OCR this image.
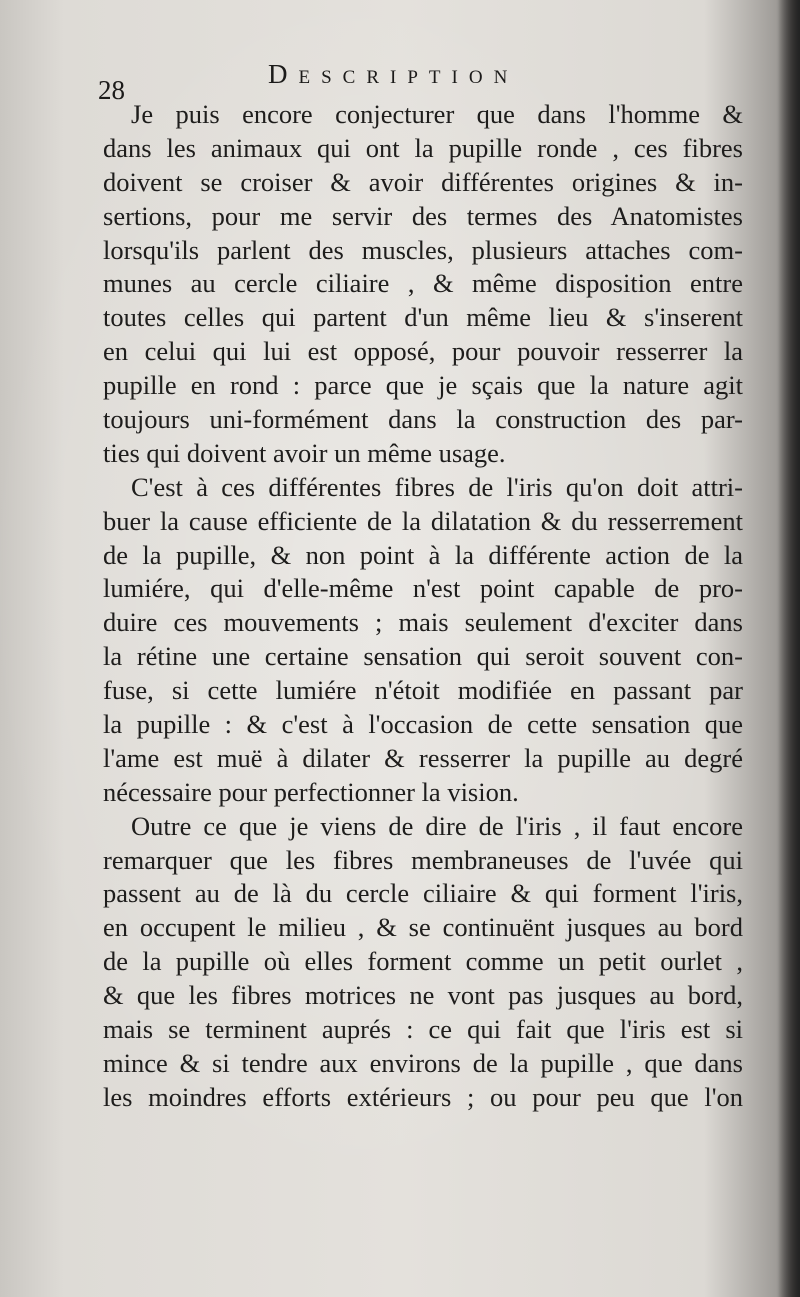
28
Description

Je puis encore conjecturer que dans l'homme &
dans les animaux qui ont la pupille ronde , ces fibres
doivent se croiser & avoir différentes origines & in-
sertions, pour me servir des termes des Anatomistes
lorsqu'ils parlent des muscles, plusieurs attaches com-
munes au cercle ciliaire , & même disposition entre
toutes celles qui partent d'un même lieu & s'inserent
en celui qui lui est opposé, pour pouvoir resserrer la
pupille en rond : parce que je sçais que la nature agit
toujours uni-formément dans la construction des par-
ties qui doivent avoir un même usage.

C'est à ces différentes fibres de l'iris qu'on doit attri-
buer la cause efficiente de la dilatation & du resserrement
de la pupille, & non point à la différente action de la
lumiére, qui d'elle-même n'est point capable de pro-
duire ces mouvements ; mais seulement d'exciter dans
la rétine une certaine sensation qui seroit souvent con-
fuse, si cette lumiére n'étoit modifiée en passant par
la pupille : & c'est à l'occasion de cette sensation que
l'ame est muë à dilater & resserrer la pupille au degré
nécessaire pour perfectionner la vision.

Outre ce que je viens de dire de l'iris , il faut encore
remarquer que les fibres membraneuses de l'uvée qui
passent au de là du cercle ciliaire & qui forment l'iris,
en occupent le milieu , & se continuënt jusques au bord
de la pupille où elles forment comme un petit ourlet ,
& que les fibres motrices ne vont pas jusques au bord,
mais se terminent auprés : ce qui fait que l'iris est si
mince & si tendre aux environs de la pupille , que dans
les moindres efforts extérieurs ; ou pour peu que l'on
